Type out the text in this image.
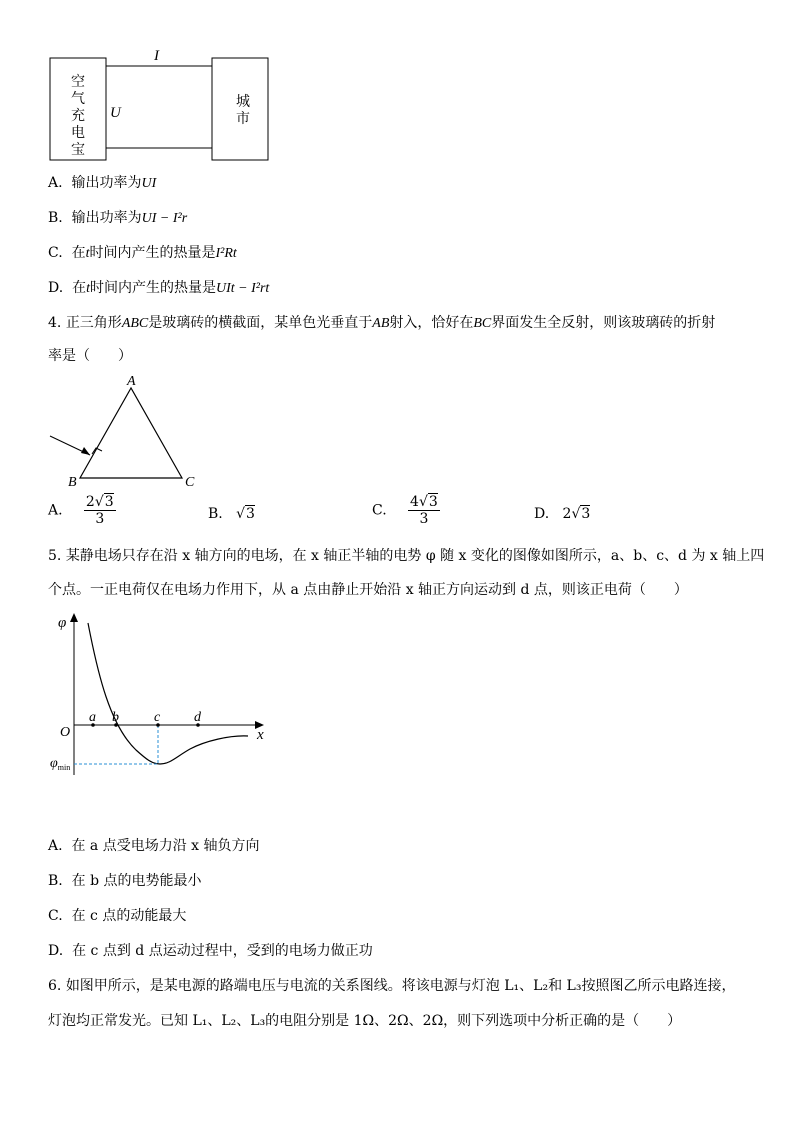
I
U
空
气
充
电
宝
城
市
A. 输出功率为UI
B. 输出功率为UI − I²r
C. 在t时间内产生的热量是I²Rt
D. 在t时间内产生的热量是UIt − I²rt
4. 正三角形ABC是玻璃砖的横截面，某单色光垂直于AB射入，恰好在BC界面发生全反射，则该玻璃砖的折射
率是（　　）
A
B	C
A. $\frac{2√3}{3}$	B.   √3	C. $\frac{4√3}{3}$	D. 2√3
5. 某静电场只存在沿 x 轴方向的电场，在 x 轴正半轴的电势 φ 随 x 变化的图像如图所示，a、b、c、d 为 x 轴上四
个点。一正电荷仅在电场力作用下，从 a 点由静止开始沿 x 轴正方向运动到 d 点，则该正电荷（　　）
φ
x
O
a b	c d
$\varphi_{min}$
A. 在 a 点受电场力沿 x 轴负方向
B. 在 b 点的电势能最小
C. 在 c 点的动能最大
D. 在 c 点到 d 点运动过程中，受到的电场力做正功
6. 如图甲所示，是某电源的路端电压与电流的关系图线。将该电源与灯泡 L₁、L₂和 L₃按照图乙所示电路连接，
灯泡均正常发光。已知 L₁、L₂、L₃的电阻分别是 1Ω、2Ω、2Ω，则下列选项中分析正确的是（　　）
